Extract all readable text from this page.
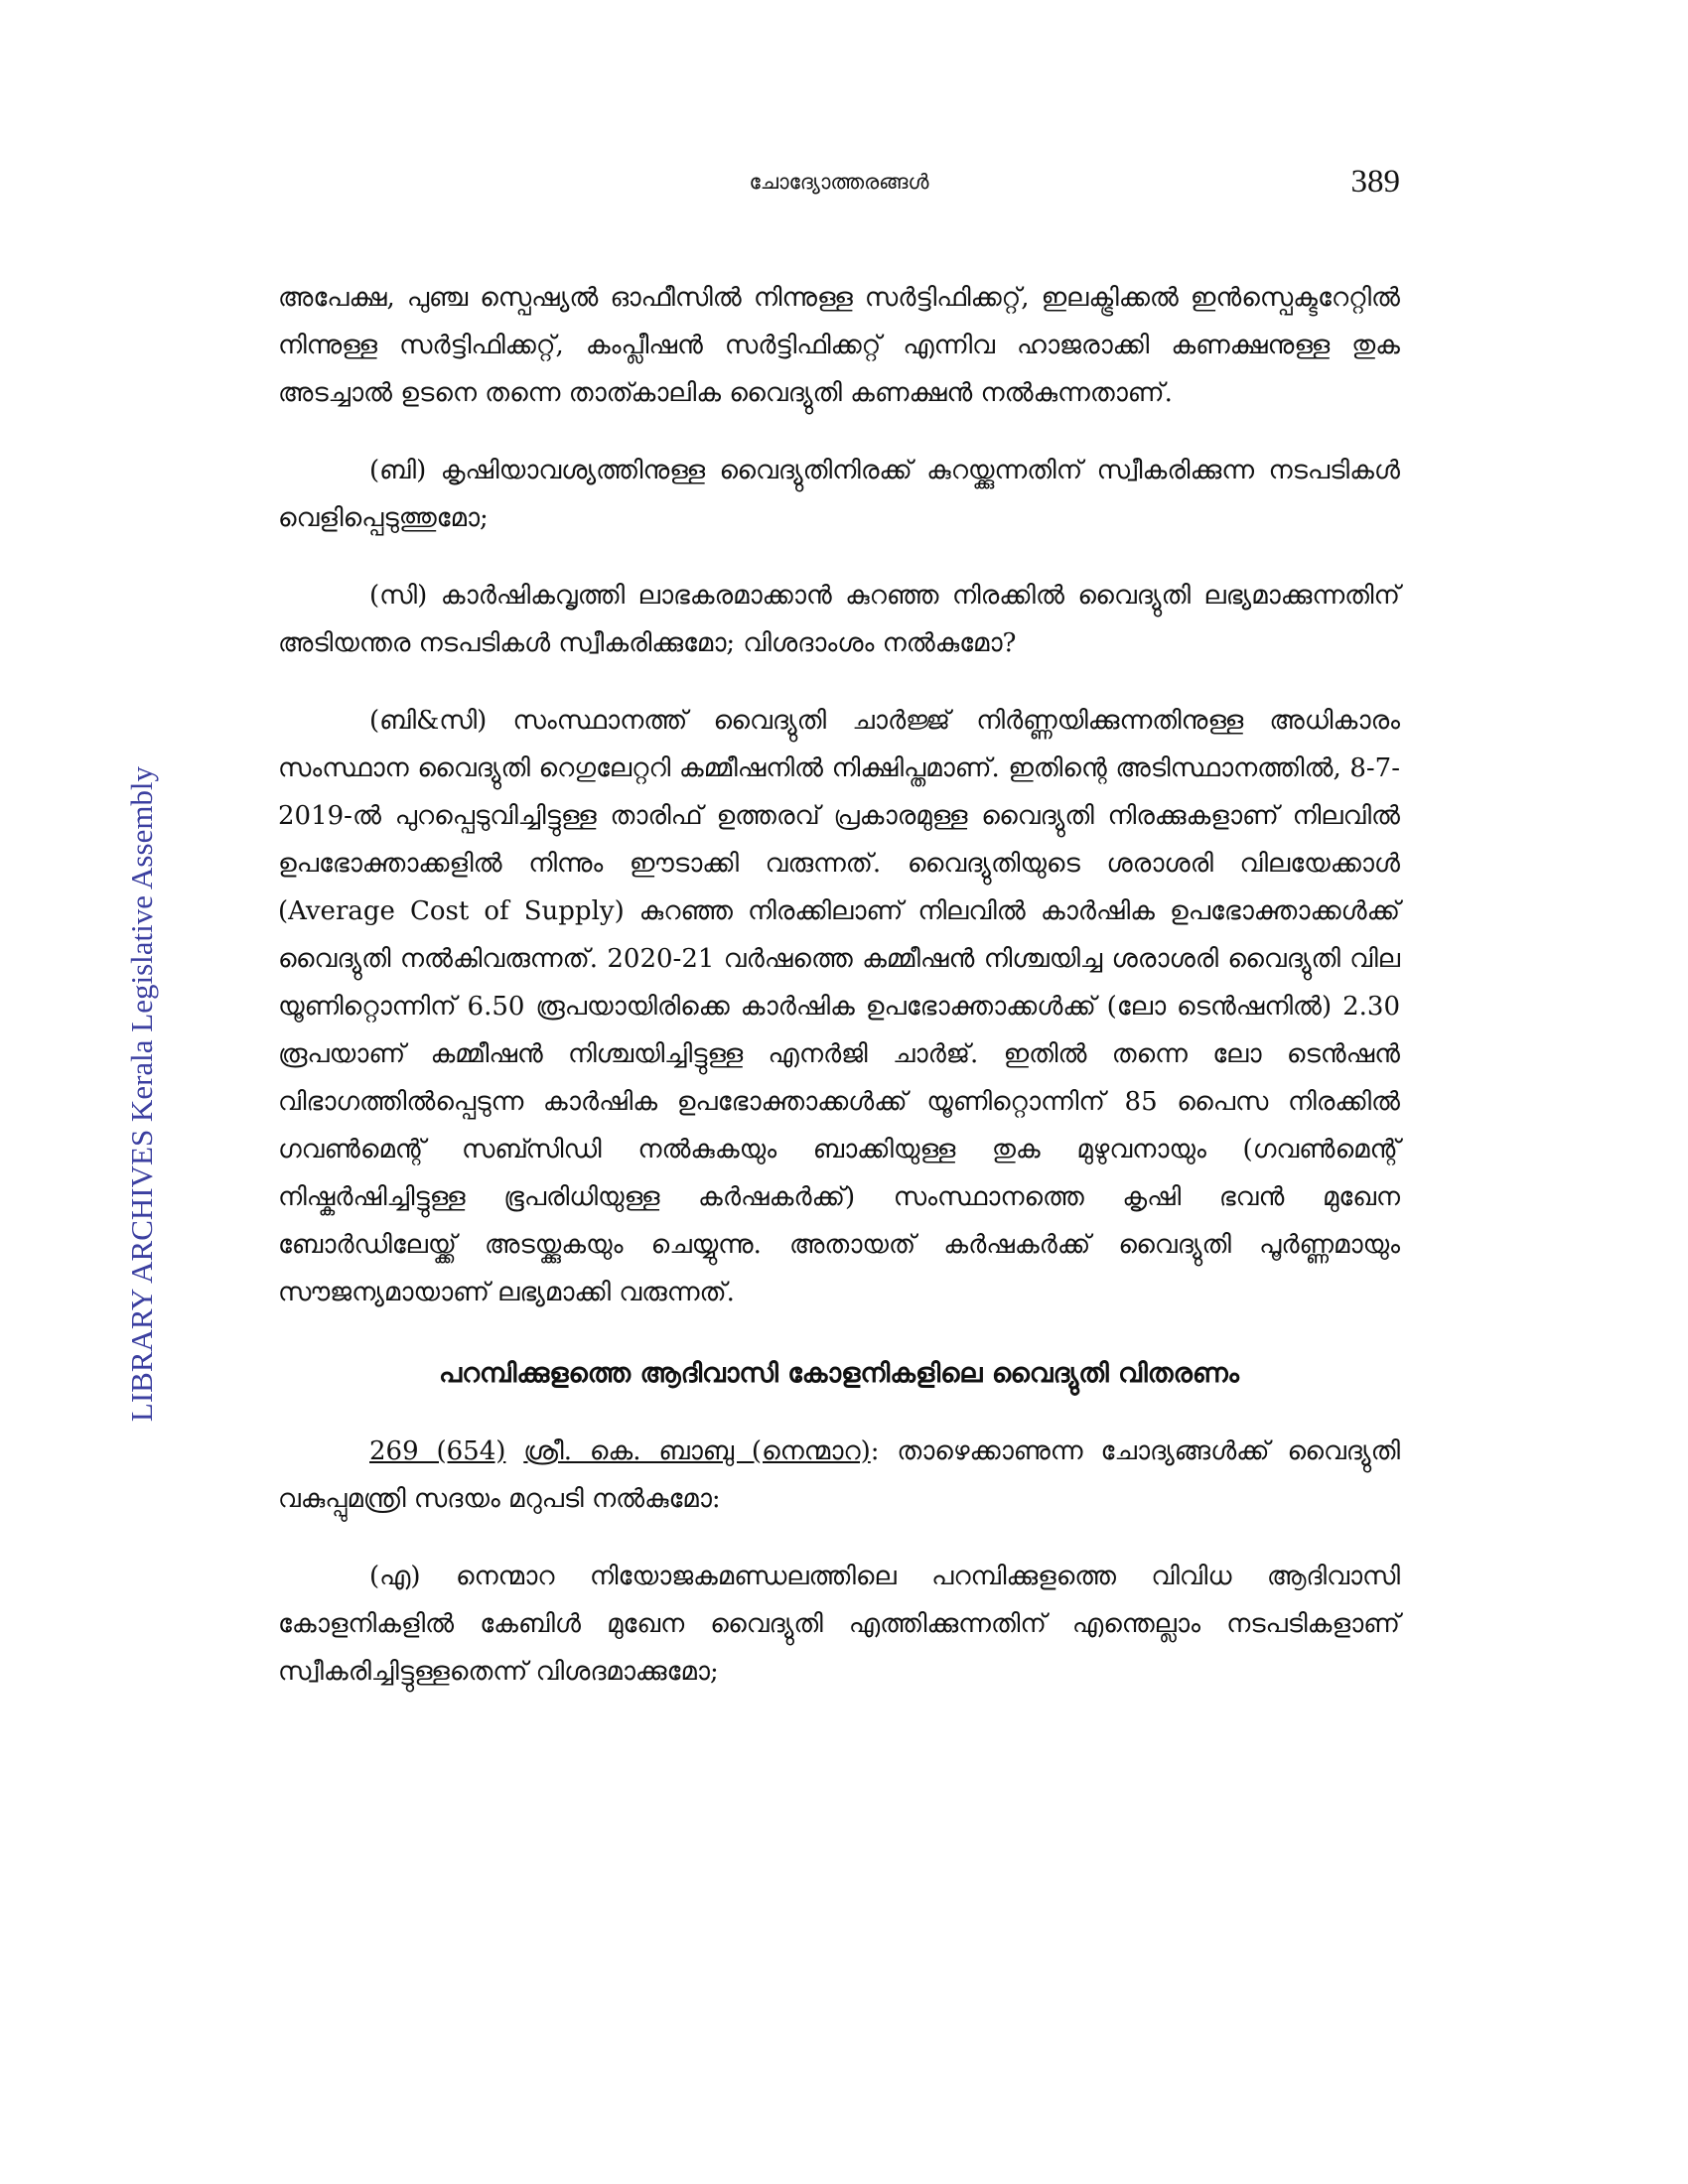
ചോദ്യോത്തരങ്ങൾ	389
LIBRARY ARCHIVES Kerala Legislative Assembly

അപേക്ഷ, പുഞ്ച സ്പെഷ്യൽ ഓഫീസിൽ നിന്നുള്ള സർട്ടിഫിക്കറ്റ്, ഇലക്ട്രിക്കൽ ഇൻസ്പെക്ടറേറ്റിൽ നിന്നുള്ള സർട്ടിഫിക്കറ്റ്, കംപ്ലീഷൻ സർട്ടിഫിക്കറ്റ് എന്നിവ ഹാജരാക്കി കണക്ഷനുള്ള തുക അടച്ചാൽ ഉടനെ തന്നെ താത്കാലിക വൈദ്യുതി കണക്ഷൻ നൽകുന്നതാണ്.

(ബി) കൃഷിയാവശ്യത്തിനുള്ള വൈദ്യുതിനിരക്ക് കുറയ്ക്കുന്നതിന് സ്വീകരിക്കുന്ന നടപടികൾ വെളിപ്പെടുത്തുമോ;

(സി) കാർഷികവൃത്തി ലാഭകരമാക്കാൻ കുറഞ്ഞ നിരക്കിൽ വൈദ്യുതി ലഭ്യമാക്കുന്നതിന് അടിയന്തര നടപടികൾ സ്വീകരിക്കുമോ; വിശദാംശം നൽകുമോ?

(ബി&സി) സംസ്ഥാനത്ത് വൈദ്യുതി ചാർജ്ജ് നിർണ്ണയിക്കുന്നതിനുള്ള അധികാരം സംസ്ഥാന വൈദ്യുതി റെഗുലേറ്ററി കമ്മീഷനിൽ നിക്ഷിപ്തമാണ്. ഇതിന്റെ അടിസ്ഥാനത്തിൽ, 8-7-2019-ൽ പുറപ്പെടുവിച്ചിട്ടുള്ള താരിഫ് ഉത്തരവ് പ്രകാരമുള്ള വൈദ്യുതി നിരക്കുകളാണ് നിലവിൽ ഉപഭോക്താക്കളിൽ നിന്നും ഈടാക്കി വരുന്നത്. വൈദ്യുതിയുടെ ശരാശരി വിലയേക്കാൾ (Average Cost of Supply) കുറഞ്ഞ നിരക്കിലാണ് നിലവിൽ കാർഷിക ഉപഭോക്താക്കൾക്ക് വൈദ്യുതി നൽകിവരുന്നത്. 2020-21 വർഷത്തെ കമ്മീഷൻ നിശ്ചയിച്ച ശരാശരി വൈദ്യുതി വില യൂണിറ്റൊന്നിന് 6.50 രൂപയായിരിക്കെ കാർഷിക ഉപഭോക്താക്കൾക്ക് (ലോ ടെൻഷനിൽ) 2.30 രൂപയാണ് കമ്മീഷൻ നിശ്ചയിച്ചിട്ടുള്ള എനർജി ചാർജ്. ഇതിൽ തന്നെ ലോ ടെൻഷൻ വിഭാഗത്തിൽപ്പെടുന്ന കാർഷിക ഉപഭോക്താക്കൾക്ക് യൂണിറ്റൊന്നിന് 85 പൈസ നിരക്കിൽ ഗവൺമെന്റ് സബ്സിഡി നൽകുകയും ബാക്കിയുള്ള തുക മുഴുവനായും (ഗവൺമെന്റ് നിഷ്കർഷിച്ചിട്ടുള്ള ഭൂപരിധിയുള്ള കർഷകർക്ക്) സംസ്ഥാനത്തെ കൃഷി ഭവൻ മുഖേന ബോർഡിലേയ്ക്ക് അടയ്ക്കുകയും ചെയ്യുന്നു. അതായത് കർഷകർക്ക് വൈദ്യുതി പൂർണ്ണമായും സൗജന്യമായാണ് ലഭ്യമാക്കി വരുന്നത്.

പറമ്പിക്കുളത്തെ ആദിവാസി കോളനികളിലെ വൈദ്യുതി വിതരണം

269 (654) ശ്രീ. കെ. ബാബു (നെന്മാറ): താഴെക്കാണുന്ന ചോദ്യങ്ങൾക്ക് വൈദ്യുതി വകുപ്പുമന്ത്രി സദയം മറുപടി നൽകുമോ:

(എ) നെന്മാറ നിയോജകമണ്ഡലത്തിലെ പറമ്പിക്കുളത്തെ വിവിധ ആദിവാസി കോളനികളിൽ കേബിൾ മുഖേന വൈദ്യുതി എത്തിക്കുന്നതിന് എന്തെല്ലാം നടപടികളാണ് സ്വീകരിച്ചിട്ടുള്ളതെന്ന് വിശദമാക്കുമോ;
